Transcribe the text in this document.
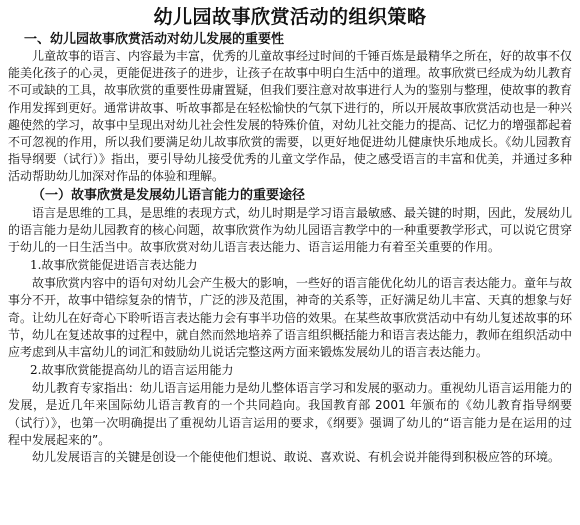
幼儿园故事欣赏活动的组织策略
一、幼儿园故事欣赏活动对幼儿发展的重要性

儿童故事的语言、内容最为丰富，优秀的儿童故事经过时间的千锤百炼是最精华之所在，好的故事不仅能美化孩子的心灵，更能促进孩子的进步，让孩子在故事中明白生活中的道理。故事欣赏已经成为幼儿教育不可或缺的工具，故事欣赏的重要性毋庸置疑，但我们要注意对故事进行人为的鉴别与整理，使故事的教育作用发挥到更好。通常讲故事、听故事都是在轻松愉快的气氛下进行的，所以开展故事欣赏活动也是一种兴趣使然的学习，故事中呈现出对幼儿社会性发展的特殊价值，对幼儿社交能力的提高、记忆力的增强都起着不可忽视的作用，所以我们要满足幼儿故事欣赏的需要，以更好地促进幼儿健康快乐地成长。《幼儿园教育指导纲要（试行）》指出，要引导幼儿接受优秀的儿童文学作品，使之感受语言的丰富和优美，并通过多种活动帮助幼儿加深对作品的体验和理解。

（一）故事欣赏是发展幼儿语言能力的重要途径

语言是思维的工具，是思维的表现方式，幼儿时期是学习语言最敏感、最关键的时期，因此，发展幼儿的语言能力是幼儿园教育的核心问题，故事欣赏作为幼儿园语言教学中的一种重要教学形式，可以说它贯穿于幼儿的一日生活当中。故事欣赏对幼儿语言表达能力、语言运用能力有着至关重要的作用。

1.故事欣赏能促进语言表达能力

故事欣赏内容中的语句对幼儿会产生极大的影响，一些好的语言能优化幼儿的语言表达能力。童年与故事分不开，故事中错综复杂的情节，广泛的涉及范围，神奇的关系等，正好满足幼儿丰富、天真的想象与好奇。让幼儿在好奇心下聆听语言表达能力会有事半功倍的效果。在某些故事欣赏活动中有幼儿复述故事的环节，幼儿在复述故事的过程中，就自然而然地培养了语言组织概括能力和语言表达能力，教师在组织活动中应考虑到从丰富幼儿的词汇和鼓励幼儿说话完整这两方面来锻炼发展幼儿的语言表达能力。

2.故事欣赏能提高幼儿的语言运用能力

幼儿教育专家指出：幼儿语言运用能力是幼儿整体语言学习和发展的驱动力。重视幼儿语言运用能力的发展，是近几年来国际幼儿语言教育的一个共同趋向。我国教育部 2001 年颁布的《幼儿教育指导纲要（试行）》，也第一次明确提出了重视幼儿语言运用的要求，《纲要》强调了幼儿的“语言能力是在运用的过程中发展起来的”。

幼儿发展语言的关键是创设一个能使他们想说、敢说、喜欢说、有机会说并能得到积极应答的环境。
